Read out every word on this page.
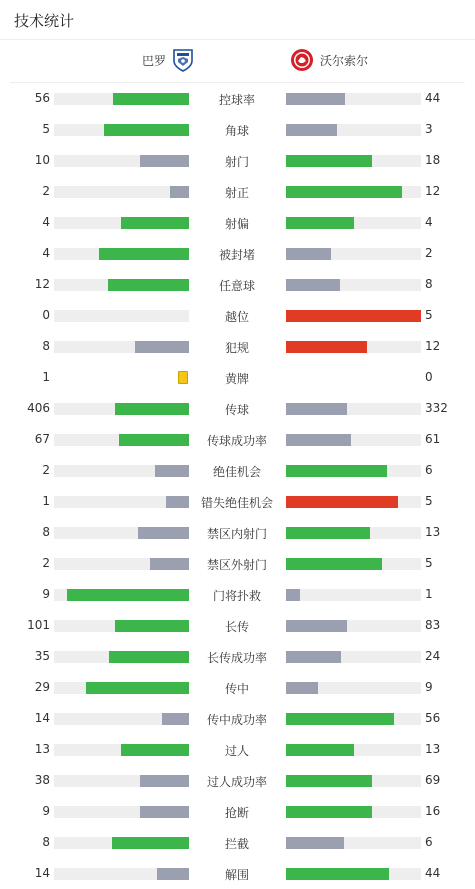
技术统计
巴罗	沃尔索尔
56	控球率	44
5	角球	3
10	射门	18
2	射正	12
4	射偏	4
4	被封堵	2
12	任意球	8
0	越位	5
8	犯规	12
1	黄牌	0
406	传球	332
67	传球成功率	61
2	绝佳机会	6
1	错失绝佳机会	5
8	禁区内射门	13
2	禁区外射门	5
9	门将扑救	1
101	长传	83
35	长传成功率	24
29	传中	9
14	传中成功率	56
13	过人	13
38	过人成功率	69
9	抢断	16
8	拦截	6
14	解围	44
